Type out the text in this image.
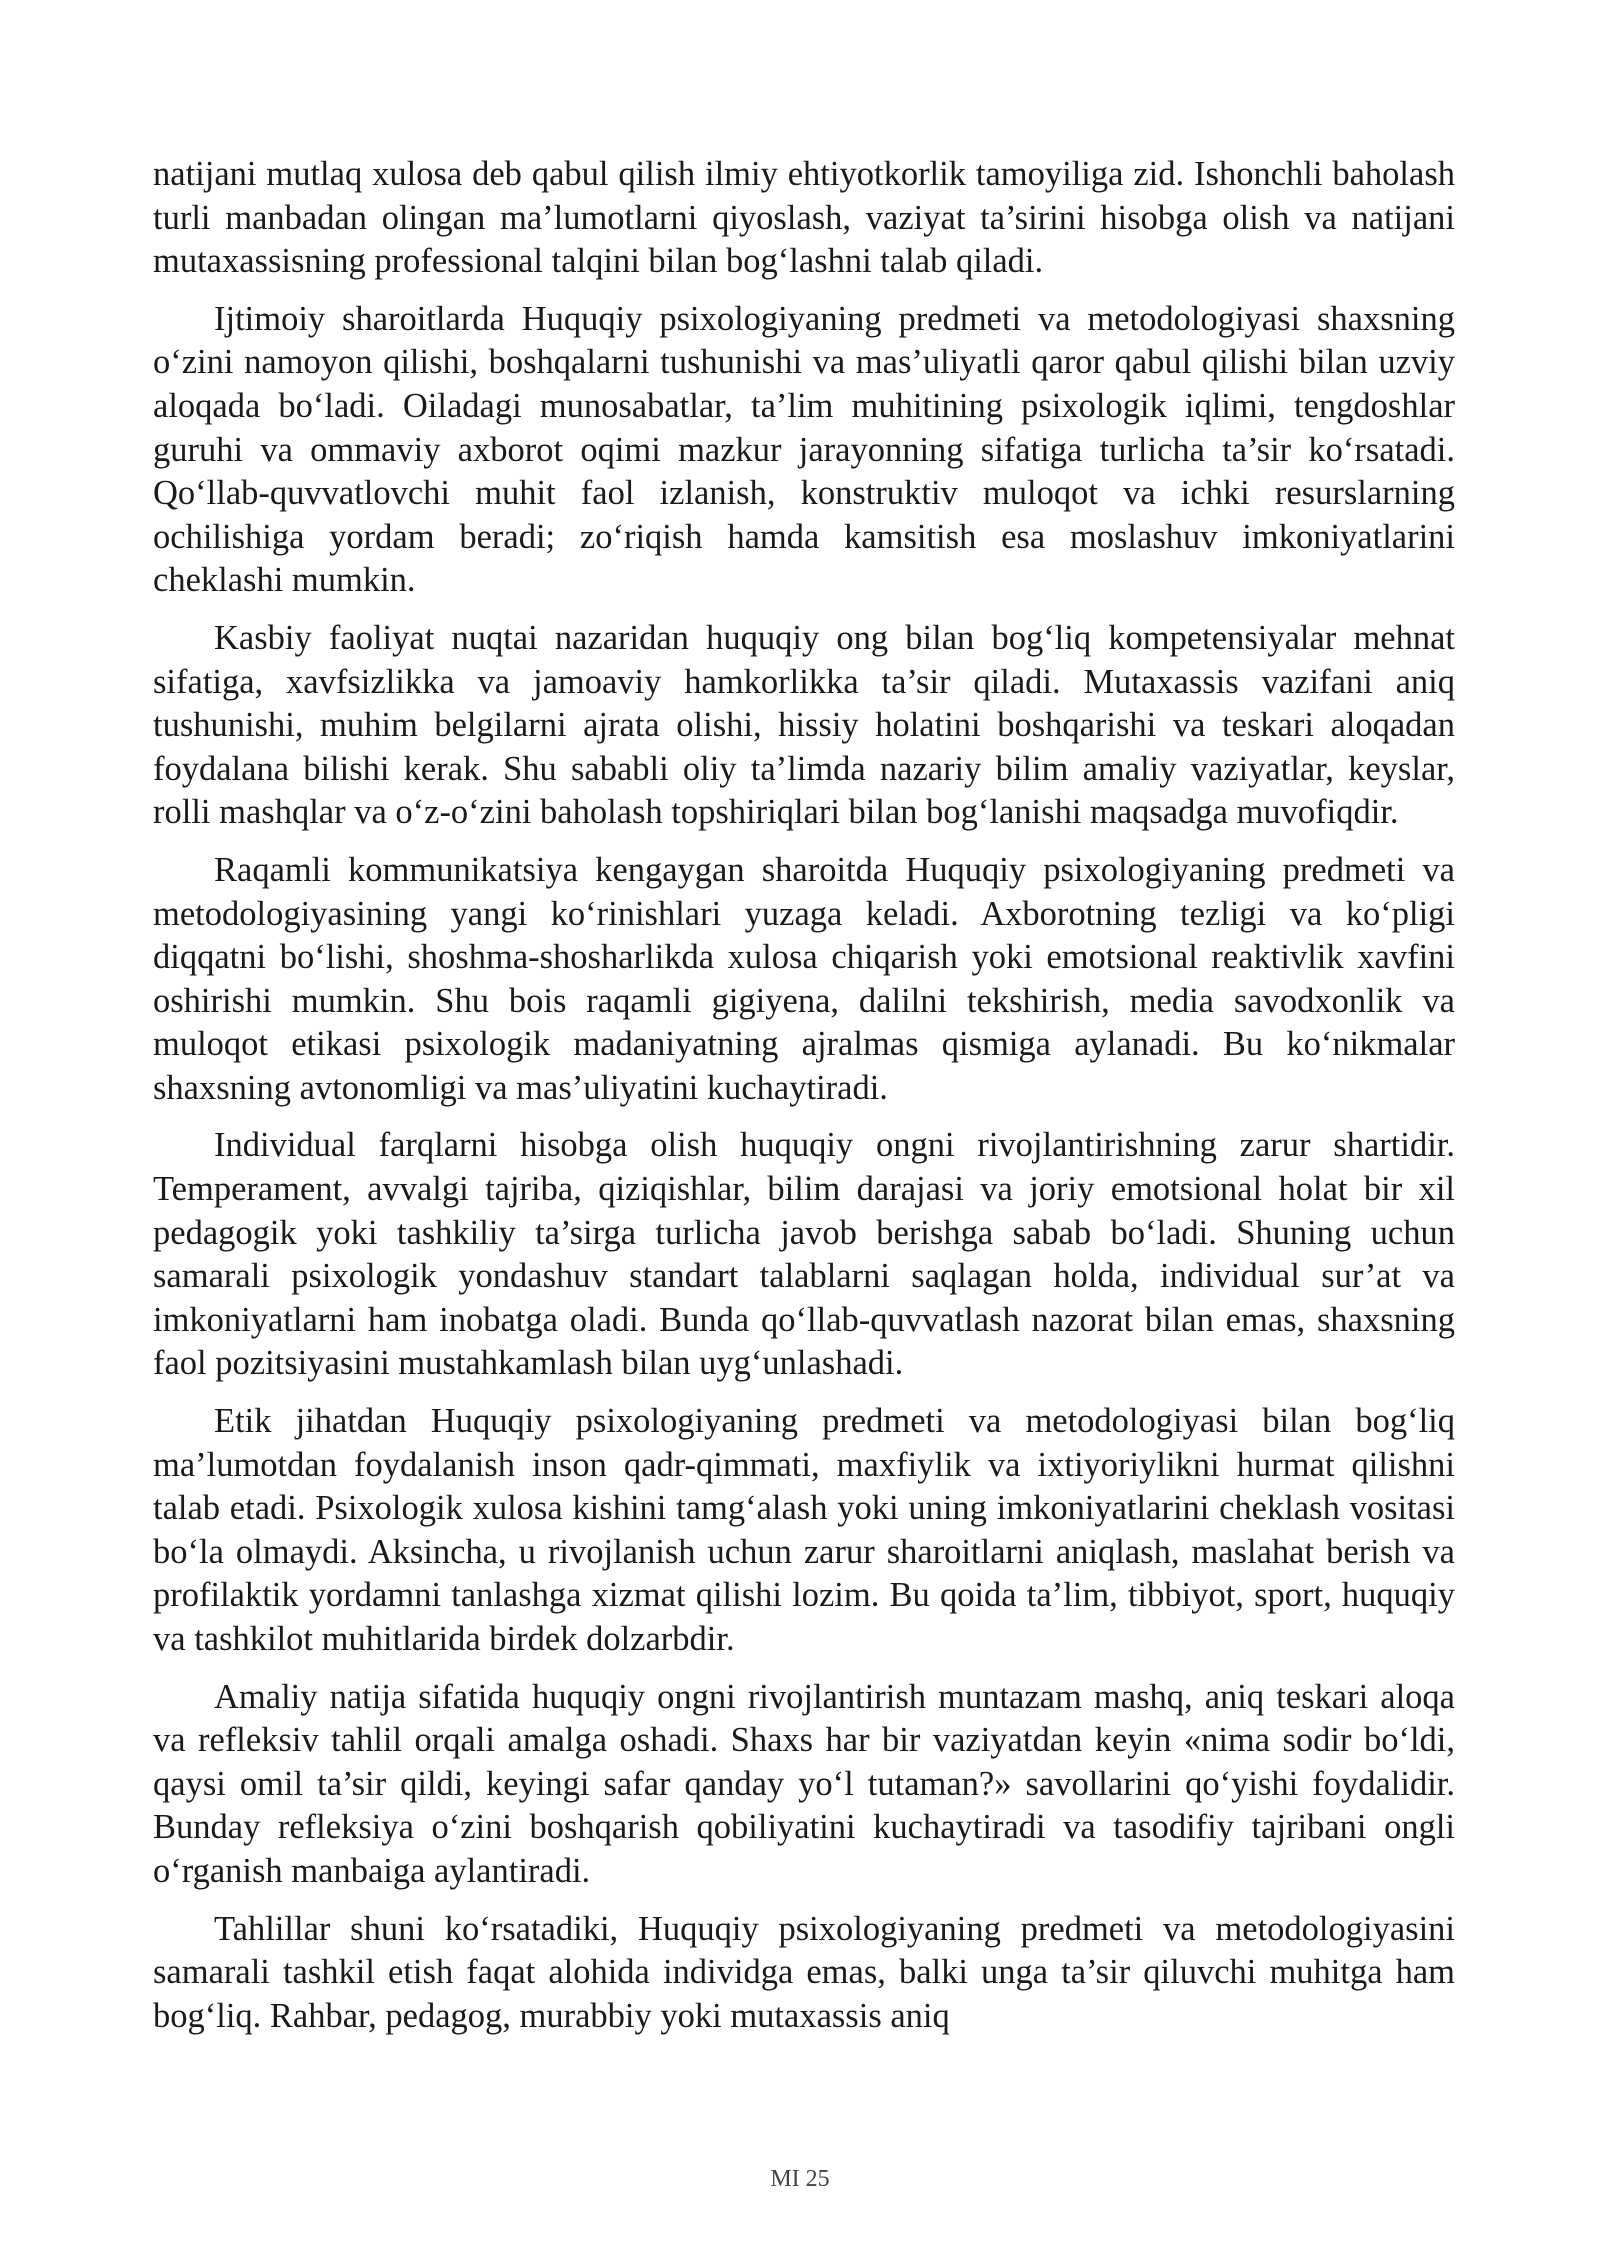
natijani mutlaq xulosa deb qabul qilish ilmiy ehtiyotkorlik tamoyiliga zid. Ishonchli baholash turli manbadan olingan ma’lumotlarni qiyoslash, vaziyat ta’sirini hisobga olish va natijani mutaxassisning professional talqini bilan bog‘lashni talab qiladi.

Ijtimoiy sharoitlarda Huquqiy psixologiyaning predmeti va metodologiyasi shaxsning o‘zini namoyon qilishi, boshqalarni tushunishi va mas’uliyatli qaror qabul qilishi bilan uzviy aloqada bo‘ladi. Oiladagi munosabatlar, ta’lim muhitining psixologik iqlimi, tengdoshlar guruhi va ommaviy axborot oqimi mazkur jarayonning sifatiga turlicha ta’sir ko‘rsatadi. Qo‘llab-quvvatlovchi muhit faol izlanish, konstruktiv muloqot va ichki resurslarning ochilishiga yordam beradi; zo‘riqish hamda kamsitish esa moslashuv imkoniyatlarini cheklashi mumkin.

Kasbiy faoliyat nuqtai nazaridan huquqiy ong bilan bog‘liq kompetensiyalar mehnat sifatiga, xavfsizlikka va jamoaviy hamkorlikka ta’sir qiladi. Mutaxassis vazifani aniq tushunishi, muhim belgilarni ajrata olishi, hissiy holatini boshqarishi va teskari aloqadan foydalana bilishi kerak. Shu sababli oliy ta’limda nazariy bilim amaliy vaziyatlar, keyslar, rolli mashqlar va o‘z-o‘zini baholash topshiriqlari bilan bog‘lanishi maqsadga muvofiqdir.

Raqamli kommunikatsiya kengaygan sharoitda Huquqiy psixologiyaning predmeti va metodologiyasining yangi ko‘rinishlari yuzaga keladi. Axborotning tezligi va ko‘pligi diqqatni bo‘lishi, shoshma-shosharlikda xulosa chiqarish yoki emotsional reaktivlik xavfini oshirishi mumkin. Shu bois raqamli gigiyena, dalilni tekshirish, media savodxonlik va muloqot etikasi psixologik madaniyatning ajralmas qismiga aylanadi. Bu ko‘nikmalar shaxsning avtonomligi va mas’uliyatini kuchaytiradi.

Individual farqlarni hisobga olish huquqiy ongni rivojlantirishning zarur shartidir. Temperament, avvalgi tajriba, qiziqishlar, bilim darajasi va joriy emotsional holat bir xil pedagogik yoki tashkiliy ta’sirga turlicha javob berishga sabab bo‘ladi. Shuning uchun samarali psixologik yondashuv standart talablarni saqlagan holda, individual sur’at va imkoniyatlarni ham inobatga oladi. Bunda qo‘llab-quvvatlash nazorat bilan emas, shaxsning faol pozitsiyasini mustahkamlash bilan uyg‘unlashadi.

Etik jihatdan Huquqiy psixologiyaning predmeti va metodologiyasi bilan bog‘liq ma’lumotdan foydalanish inson qadr-qimmati, maxfiylik va ixtiyoriylikni hurmat qilishni talab etadi. Psixologik xulosa kishini tamg‘alash yoki uning imkoniyatlarini cheklash vositasi bo‘la olmaydi. Aksincha, u rivojlanish uchun zarur sharoitlarni aniqlash, maslahat berish va profilaktik yordamni tanlashga xizmat qilishi lozim. Bu qoida ta’lim, tibbiyot, sport, huquqiy va tashkilot muhitlarida birdek dolzarbdir.

Amaliy natija sifatida huquqiy ongni rivojlantirish muntazam mashq, aniq teskari aloqa va refleksiv tahlil orqali amalga oshadi. Shaxs har bir vaziyatdan keyin «nima sodir bo‘ldi, qaysi omil ta’sir qildi, keyingi safar qanday yo‘l tutaman?» savollarini qo‘yishi foydalidir. Bunday refleksiya o‘zini boshqarish qobiliyatini kuchaytiradi va tasodifiy tajribani ongli o‘rganish manbaiga aylantiradi.

Tahlillar shuni ko‘rsatadiki, Huquqiy psixologiyaning predmeti va metodologiyasini samarali tashkil etish faqat alohida individga emas, balki unga ta’sir qiluvchi muhitga ham bog‘liq. Rahbar, pedagog, murabbiy yoki mutaxassis aniq

MI 25
